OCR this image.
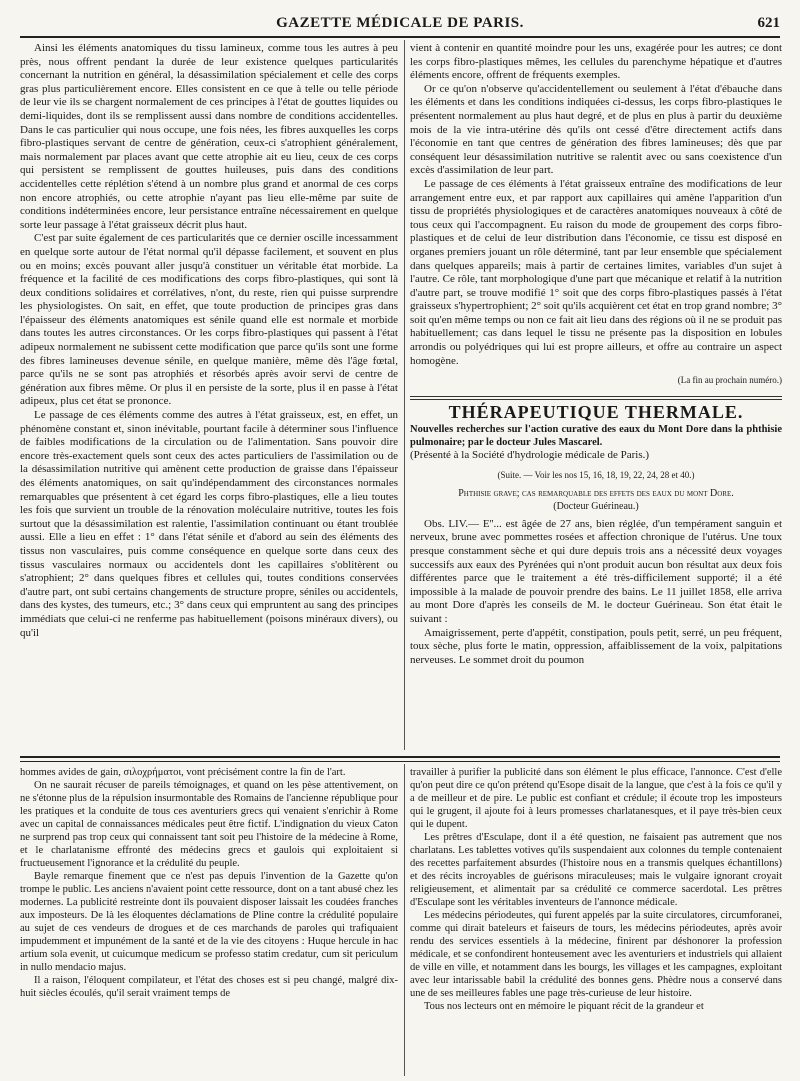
GAZETTE MÉDICALE DE PARIS.	621

Ainsi les éléments anatomiques du tissu lamineux, comme tous les autres à peu près, nous offrent pendant la durée de leur existence quelques particularités concernant la nutrition en général, la désassimilation spécialement et celle des corps gras plus particulièrement encore. Elles consistent en ce que à telle ou telle période de leur vie ils se chargent normalement de ces principes à l'état de gouttes liquides ou demi-liquides, dont ils se remplissent aussi dans nombre de conditions accidentelles. Dans le cas particulier qui nous occupe, une fois nées, les fibres auxquelles les corps fibro-plastiques servant de centre de génération, ceux-ci s'atrophient généralement, mais normalement par places avant que cette atrophie ait eu lieu, ceux de ces corps qui persistent se remplissent de gouttes huileuses, puis dans des conditions accidentelles cette réplétion s'étend à un nombre plus grand et anormal de ces corps non encore atrophiés, ou cette atrophie n'ayant pas lieu elle-même par suite de conditions indéterminées encore, leur persistance entraîne nécessairement en quelque sorte leur passage à l'état graisseux décrit plus haut.

C'est par suite également de ces particularités que ce dernier oscille incessamment en quelque sorte autour de l'état normal qu'il dépasse facilement, et souvent en plus ou en moins; excès pouvant aller jusqu'à constituer un véritable état morbide. La fréquence et la facilité de ces modifications des corps fibro-plastiques, qui sont là deux conditions solidaires et corrélatives, n'ont, du reste, rien qui puisse surprendre les physiologistes. On sait, en effet, que toute production de principes gras dans l'épaisseur des éléments anatomiques est sénile quand elle est normale et morbide dans toutes les autres circonstances. Or les corps fibro-plastiques qui passent à l'état adipeux normalement ne subissent cette modification que parce qu'ils sont une forme des fibres lamineuses devenue sénile, en quelque manière, même dès l'âge fœtal, parce qu'ils ne se sont pas atrophiés et résorbés après avoir servi de centre de génération aux fibres même. Or plus il en persiste de la sorte, plus il en passe à l'état adipeux, plus cet état se prononce.

Le passage de ces éléments comme des autres à l'état graisseux, est, en effet, un phénomène constant et, sinon inévitable, pourtant facile à déterminer sous l'influence de faibles modifications de la circulation ou de l'alimentation. Sans pouvoir dire encore très-exactement quels sont ceux des actes particuliers de l'assimilation ou de la désassimilation nutritive qui amènent cette production de graisse dans l'épaisseur des éléments anatomiques, on sait qu'indépendamment des circonstances normales remarquables que présentent à cet égard les corps fibro-plastiques, elle a lieu toutes les fois que survient un trouble de la rénovation moléculaire nutritive, toutes les fois surtout que la désassimilation est ralentie, l'assimilation continuant ou étant troublée aussi. Elle a lieu en effet : 1° dans l'état sénile et d'abord au sein des éléments des tissus non vasculaires, puis comme conséquence en quelque sorte dans ceux des tissus vasculaires normaux ou accidentels dont les capillaires s'oblitèrent ou s'atrophient; 2° dans quelques fibres et cellules qui, toutes conditions conservées d'autre part, ont subi certains changements de structure propre, séniles ou accidentels, dans des kystes, des tumeurs, etc.; 3° dans ceux qui empruntent au sang des principes immédiats que celui-ci ne renferme pas habituellement (poisons minéraux divers), ou qu'il

vient à contenir en quantité moindre pour les uns, exagérée pour les autres; ce dont les corps fibro-plastiques mêmes, les cellules du parenchyme hépatique et d'autres éléments encore, offrent de fréquents exemples.

Or ce qu'on n'observe qu'accidentellement ou seulement à l'état d'ébauche dans les éléments et dans les conditions indiquées ci-dessus, les corps fibro-plastiques le présentent normalement au plus haut degré, et de plus en plus à partir du deuxième mois de la vie intra-utérine dès qu'ils ont cessé d'être directement actifs dans l'économie en tant que centres de génération des fibres lamineuses; dès que par conséquent leur désassimilation nutritive se ralentit avec ou sans coexistence d'un excès d'assimilation de leur part.

Le passage de ces éléments à l'état graisseux entraîne des modifications de leur arrangement entre eux, et par rapport aux capillaires qui amène l'apparition d'un tissu de propriétés physiologiques et de caractères anatomiques nouveaux à côté de tous ceux qui l'accompagnent. Eu raison du mode de groupement des corps fibro-plastiques et de celui de leur distribution dans l'économie, ce tissu est disposé en organes premiers jouant un rôle déterminé, tant par leur ensemble que spécialement dans quelques appareils; mais à partir de certaines limites, variables d'un sujet à l'autre. Ce rôle, tant morphologique d'une part que mécanique et relatif à la nutrition d'autre part, se trouve modifié 1° soit que des corps fibro-plastiques passés à l'état graisseux s'hypertrophient; 2° soit qu'ils acquièrent cet état en trop grand nombre; 3° soit qu'en même temps ou non ce fait ait lieu dans des régions où il ne se produit pas habituellement; cas dans lequel le tissu ne présente pas la disposition en lobules arrondis ou polyédriques qui lui est propre ailleurs, et offre au contraire un aspect homogène.

(La fin au prochain numéro.)
THÉRAPEUTIQUE THERMALE.

Nouvelles recherches sur l'action curative des eaux du Mont Dore dans la phthisie pulmonaire; par le docteur Jules Mascarel.

(Présenté à la Société d'hydrologie médicale de Paris.)

(Suite. — Voir les nos 15, 16, 18, 19, 22, 24, 28 et 40.)
Phthisie grave; cas remarquable des effets des eaux du mont Dore.
(Docteur Guérineau.)

Obs. LIV.— E''... est âgée de 27 ans, bien réglée, d'un tempérament sanguin et nerveux, brune avec pommettes rosées et affection chronique de l'utérus. Une toux presque constamment sèche et qui dure depuis trois ans a nécessité deux voyages successifs aux eaux des Pyrénées qui n'ont produit aucun bon résultat aux deux fois différentes parce que le traitement a été très-difficilement supporté; il a été impossible à la malade de pouvoir prendre des bains. Le 11 juillet 1858, elle arriva au mont Dore d'après les conseils de M. le docteur Guérineau. Son état était le suivant :

Amaigrissement, perte d'appétit, constipation, pouls petit, serré, un peu fréquent, toux sèche, plus forte le matin, oppression, affaiblissement de la voix, palpitations nerveuses. Le sommet droit du poumon

hommes avides de gain, σιλοχρήματοι, vont précisément contre la fin de l'art.

On ne saurait récuser de pareils témoignages, et quand on les pèse attentivement, on ne s'étonne plus de la répulsion insurmontable des Romains de l'ancienne république pour les pratiques et la conduite de tous ces aventuriers grecs qui venaient s'enrichir à Rome avec un capital de connaissances médicales peut être fictif. L'indignation du vieux Caton ne surprend pas trop ceux qui connaissent tant soit peu l'histoire de la médecine à Rome, et le charlatanisme effronté des médecins grecs et gaulois qui exploitaient si fructueusement l'ignorance et la crédulité du peuple.

Bayle remarque finement que ce n'est pas depuis l'invention de la Gazette qu'on trompe le public. Les anciens n'avaient point cette ressource, dont on a tant abusé chez les modernes. La publicité restreinte dont ils pouvaient disposer laissait les coudées franches aux imposteurs. De là les éloquentes déclamations de Pline contre la crédulité populaire au sujet de ces vendeurs de drogues et de ces marchands de paroles qui trafiquaient impudemment et impunément de la santé et de la vie des citoyens : Huque hercule in hac artium sola evenit, ut cuicumque medicum se professo statim credatur, cum sit periculum in nullo mendacio majus.

Il a raison, l'éloquent compilateur, et l'état des choses est si peu changé, malgré dix-huit siècles écoulés, qu'il serait vraiment temps de

travailler à purifier la publicité dans son élément le plus efficace, l'annonce. C'est d'elle qu'on peut dire ce qu'on prétend qu'Esope disait de la langue, que c'est à la fois ce qu'il y a de meilleur et de pire. Le public est confiant et crédule; il écoute trop les imposteurs qui le grugent, il ajoute foi à leurs promesses charlatanesques, et il paye très-bien ceux qui le dupent.

Les prêtres d'Esculape, dont il a été question, ne faisaient pas autrement que nos charlatans. Les tablettes votives qu'ils suspendaient aux colonnes du temple contenaient des recettes parfaitement absurdes (l'histoire nous en a transmis quelques échantillons) et des récits incroyables de guérisons miraculeuses; mais le vulgaire ignorant croyait religieusement, et alimentait par sa crédulité ce commerce sacerdotal. Les prêtres d'Esculape sont les véritables inventeurs de l'annonce médicale.

Les médecins périodeutes, qui furent appelés par la suite circulatores, circumforanei, comme qui dirait bateleurs et faiseurs de tours, les médecins périodeutes, après avoir rendu des services essentiels à la médecine, finirent par déshonorer la profession médicale, et se confondirent honteusement avec les aventuriers et industriels qui allaient de ville en ville, et notamment dans les bourgs, les villages et les campagnes, exploitant avec leur intarissable babil la crédulité des bonnes gens. Phèdre nous a conservé dans une de ses meilleures fables une page très-curieuse de leur histoire.

Tous nos lecteurs ont en mémoire le piquant récit de la grandeur et
